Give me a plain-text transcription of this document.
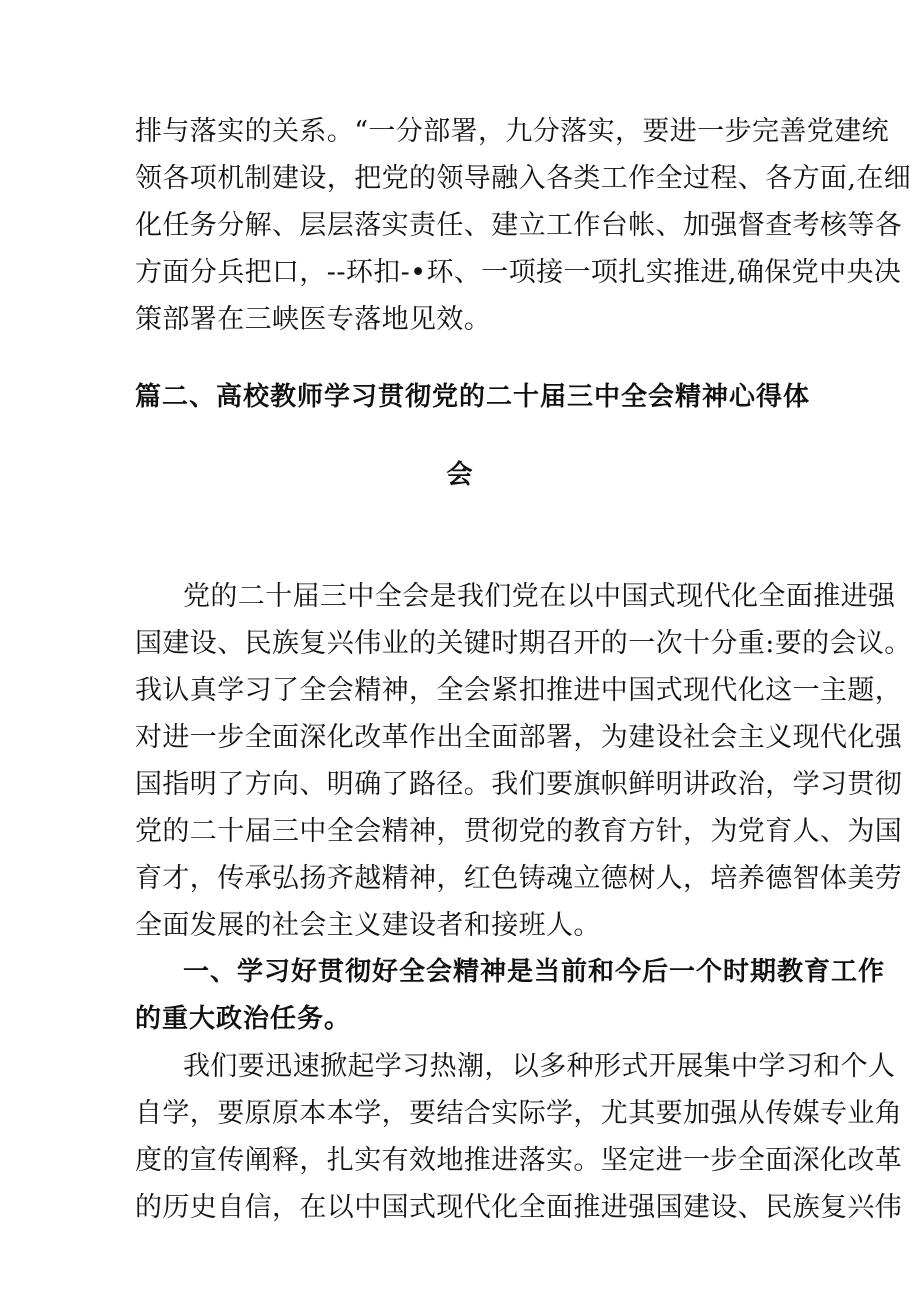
排与落实的关系。“一分部署，九分落实，要进一步完善党建统
领各项机制建设，把党的领导融入各类工作全过程、各方面,在细
化任务分解、层层落实责任、建立工作台帐、加强督查考核等各
方面分兵把口，--环扣-•环、一项接一项扎实推进,确保党中央决
策部署在三峡医专落地见效。
篇二、高校教师学习贯彻党的二十届三中全会精神心得体
会
党的二十届三中全会是我们党在以中国式现代化全面推进强
国建设、民族复兴伟业的关键时期召开的一次十分重:要的会议。
我认真学习了全会精神，全会紧扣推进中国式现代化这一主题，
对进一步全面深化改革作出全面部署，为建设社会主义现代化强
国指明了方向、明确了路径。我们要旗帜鲜明讲政治，学习贯彻
党的二十届三中全会精神，贯彻党的教育方针，为党育人、为国
育才，传承弘扬齐越精神，红色铸魂立德树人，培养德智体美劳
全面发展的社会主义建设者和接班人。
一、学习好贯彻好全会精神是当前和今后一个时期教育工作
的重大政治任务。
我们要迅速掀起学习热潮，以多种形式开展集中学习和个人
自学，要原原本本学，要结合实际学，尤其要加强从传媒专业角
度的宣传阐释，扎实有效地推进落实。坚定进一步全面深化改革
的历史自信，在以中国式现代化全面推进强国建设、民族复兴伟
